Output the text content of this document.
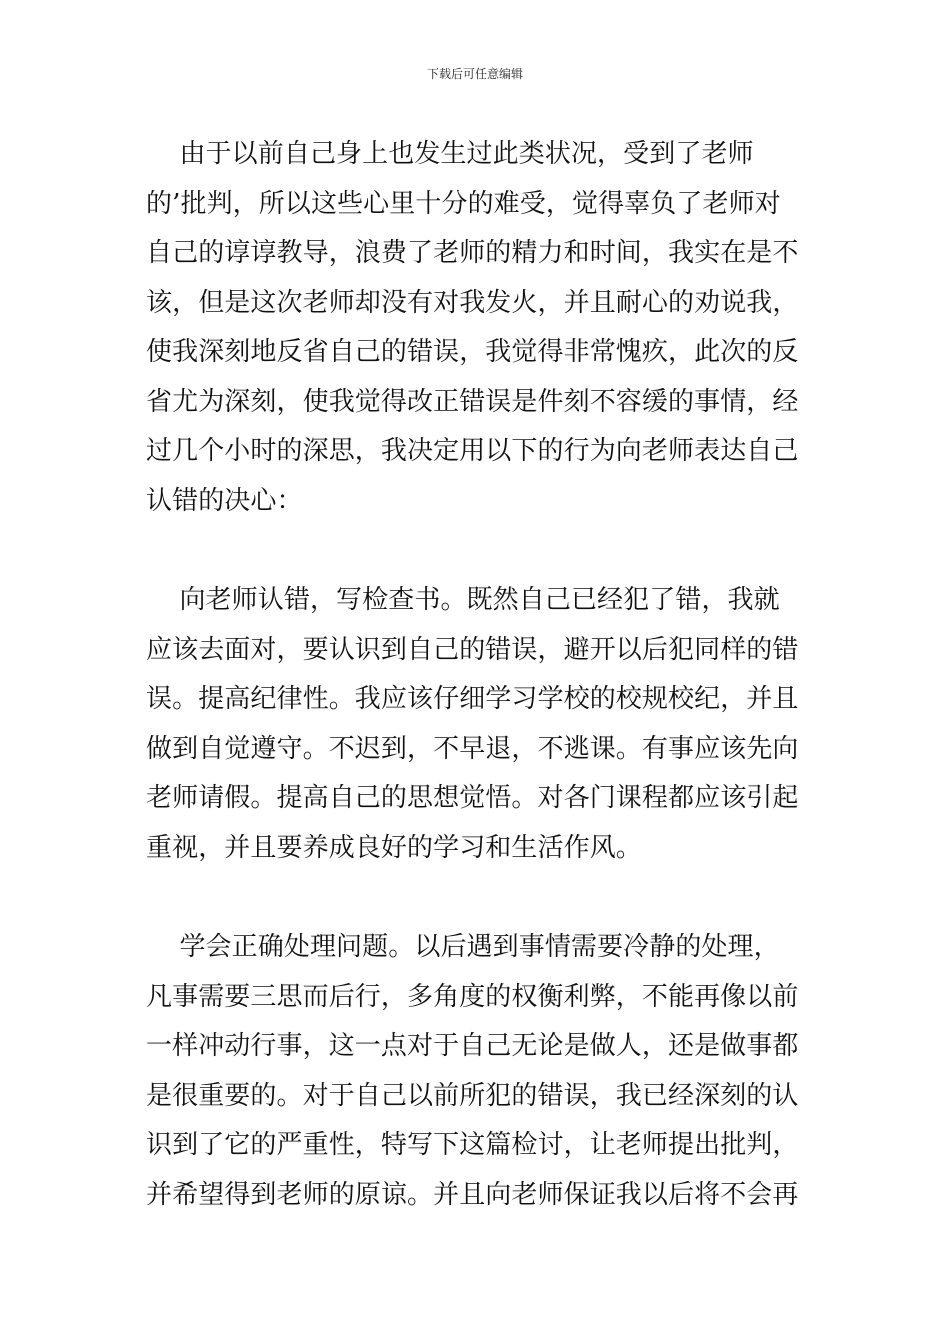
下载后可任意编辑
由于以前自己身上也发生过此类状况，受到了老师
的’批判，所以这些心里十分的难受，觉得辜负了老师对
自己的谆谆教导，浪费了老师的精力和时间，我实在是不
该，但是这次老师却没有对我发火，并且耐心的劝说我，
使我深刻地反省自己的错误，我觉得非常愧疚，此次的反
省尤为深刻，使我觉得改正错误是件刻不容缓的事情，经
过几个小时的深思，我决定用以下的行为向老师表达自己
认错的决心：
向老师认错，写检查书。既然自己已经犯了错，我就
应该去面对，要认识到自己的错误，避开以后犯同样的错
误。提高纪律性。我应该仔细学习学校的校规校纪，并且
做到自觉遵守。不迟到，不早退，不逃课。有事应该先向
老师请假。提高自己的思想觉悟。对各门课程都应该引起
重视，并且要养成良好的学习和生活作风。
学会正确处理问题。以后遇到事情需要冷静的处理，
凡事需要三思而后行，多角度的权衡利弊，不能再像以前
一样冲动行事，这一点对于自己无论是做人，还是做事都
是很重要的。对于自己以前所犯的错误，我已经深刻的认
识到了它的严重性，特写下这篇检讨，让老师提出批判，
并希望得到老师的原谅。并且向老师保证我以后将不会再
